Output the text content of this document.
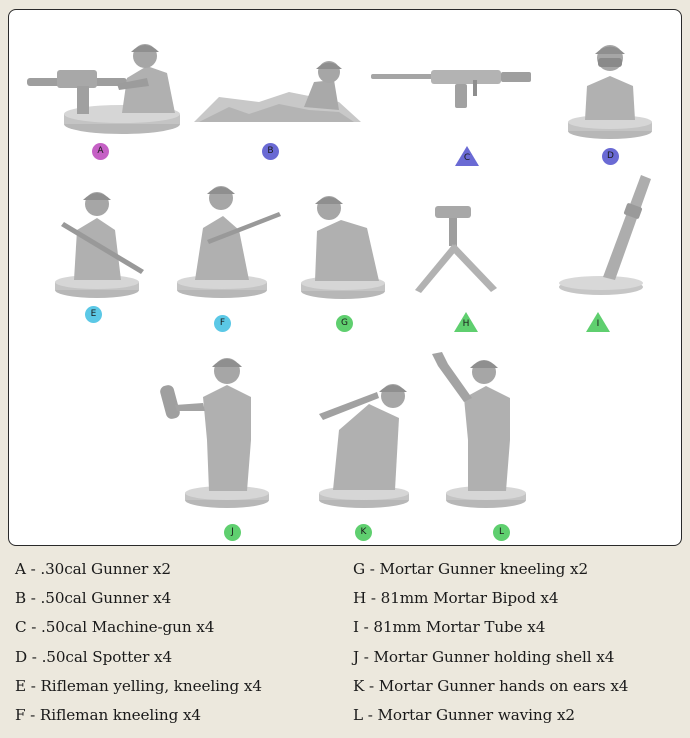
A	B
C	D
E
F	G	H	I
J	K	L
A - .30cal Gunner x2
B - .50cal Gunner x4
C - .50cal Machine-gun x4
D - .50cal Spotter x4
E - Rifleman yelling, kneeling x4
F - Rifleman kneeling x4
G - Mortar Gunner kneeling x2
H - 81mm Mortar Bipod x4
I - 81mm Mortar Tube x4
J - Mortar Gunner holding shell x4
K - Mortar Gunner hands on ears x4
L - Mortar Gunner waving x2
